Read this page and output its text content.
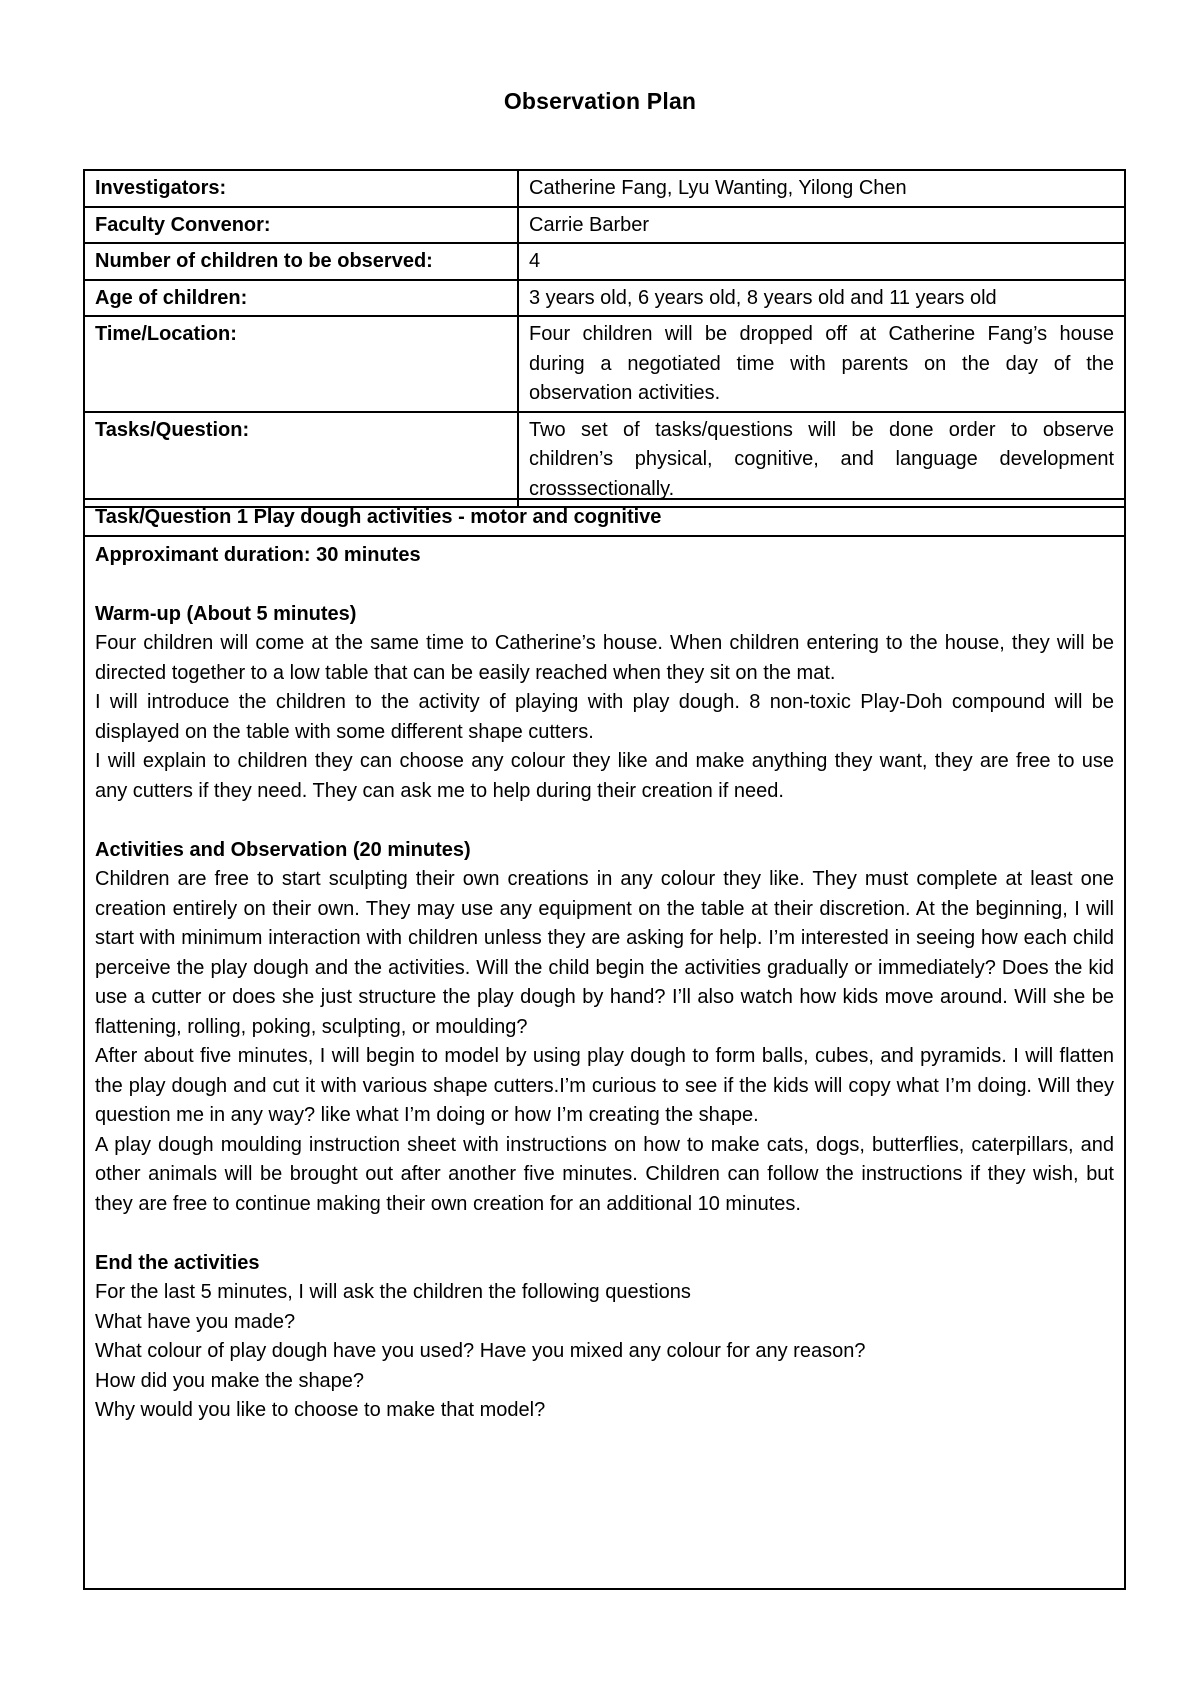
Observation Plan
Investigators:	Catherine Fang, Lyu Wanting, Yilong Chen
Faculty Convenor:	Carrie Barber
Number of children to be observed:	4
Age of children:	3 years old, 6 years old, 8 years old and 11 years old
Time/Location:	Four children will be dropped off at Catherine Fang’s house during a negotiated time with parents on the day of the observation activities.
Tasks/Question:	Two set of tasks/questions will be done order to observe children’s physical, cognitive, and language development crosssectionally.
Task/Question 1 Play dough activities - motor and cognitive

Approximant duration: 30 minutes

Warm-up (About 5 minutes)

Four children will come at the same time to Catherine’s house. When children entering to the house, they will be directed together to a low table that can be easily reached when they sit on the mat.

I will introduce the children to the activity of playing with play dough. 8 non-toxic Play-Doh compound will be displayed on the table with some different shape cutters.

I will explain to children they can choose any colour they like and make anything they want, they are free to use any cutters if they need. They can ask me to help during their creation if need.

Activities and Observation (20 minutes)

Children are free to start sculpting their own creations in any colour they like. They must complete at least one creation entirely on their own. They may use any equipment on the table at their discretion. At the beginning, I will start with minimum interaction with children unless they are asking for help. I’m interested in seeing how each child perceive the play dough and the activities. Will the child begin the activities gradually or immediately? Does the kid use a cutter or does she just structure the play dough by hand? I’ll also watch how kids move around. Will she be flattening, rolling, poking, sculpting, or moulding?

After about five minutes, I will begin to model by using play dough to form balls, cubes, and pyramids. I will flatten the play dough and cut it with various shape cutters.I’m curious to see if the kids will copy what I’m doing. Will they question me in any way? like what I’m doing or how I’m creating the shape.

A play dough moulding instruction sheet with instructions on how to make cats, dogs, butterflies, caterpillars, and other animals will be brought out after another five minutes. Children can follow the instructions if they wish, but they are free to continue making their own creation for an additional 10 minutes.

End the activities

For the last 5 minutes, I will ask the children the following questions

What have you made?

What colour of play dough have you used? Have you mixed any colour for any reason?

How did you make the shape?

Why would you like to choose to make that model?
